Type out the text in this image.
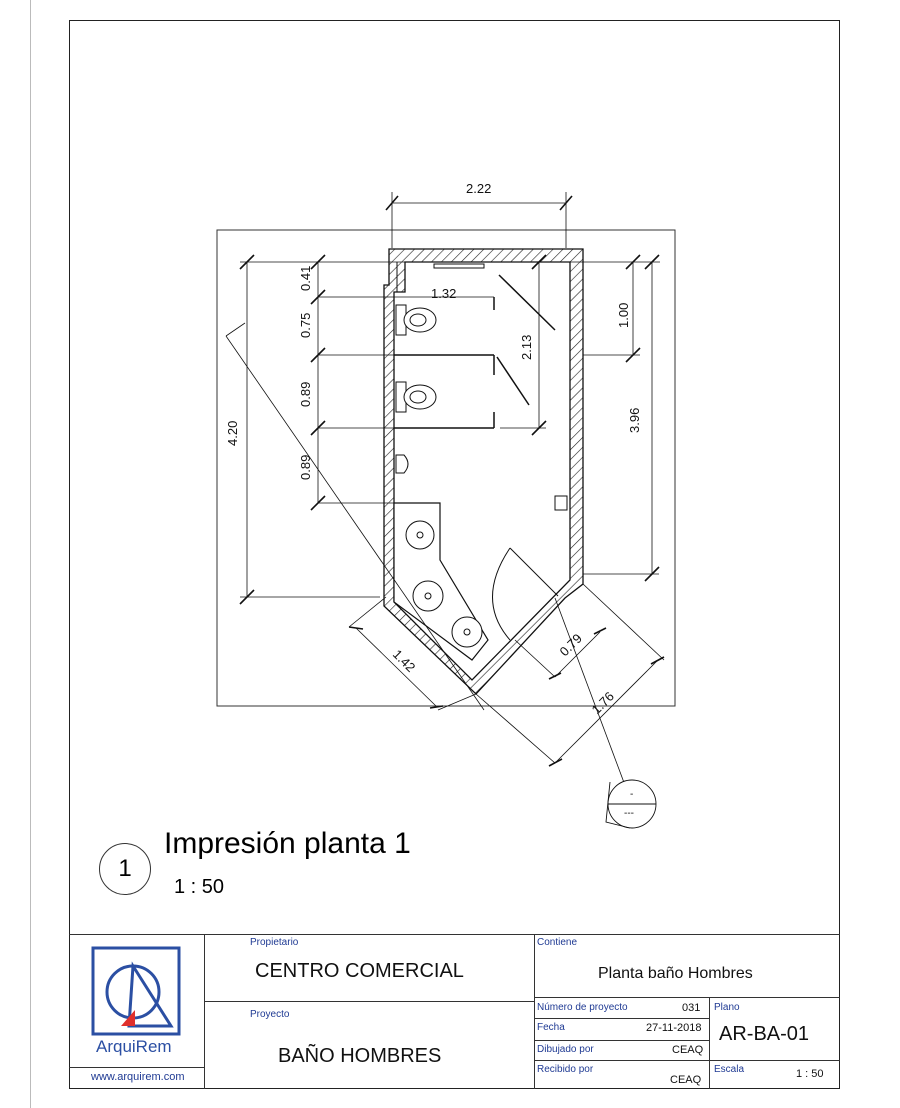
2.22
1.32
4.20
0.41
0.75
0.89
0.89
2.13
1.00
3.96
1.42
0.79
1.76
-
---
1
Impresión planta 1
1 : 50
ArquiRem
www.arquirem.com
Propietario
CENTRO COMERCIAL
Proyecto
BAÑO HOMBRES
Contiene
Planta baño Hombres
Número de proyecto	031
Fecha	27-11-2018
Dibujado por	CEAQ
Recibido por
CEAQ
Plano
AR-BA-01
Escala	1 : 50
